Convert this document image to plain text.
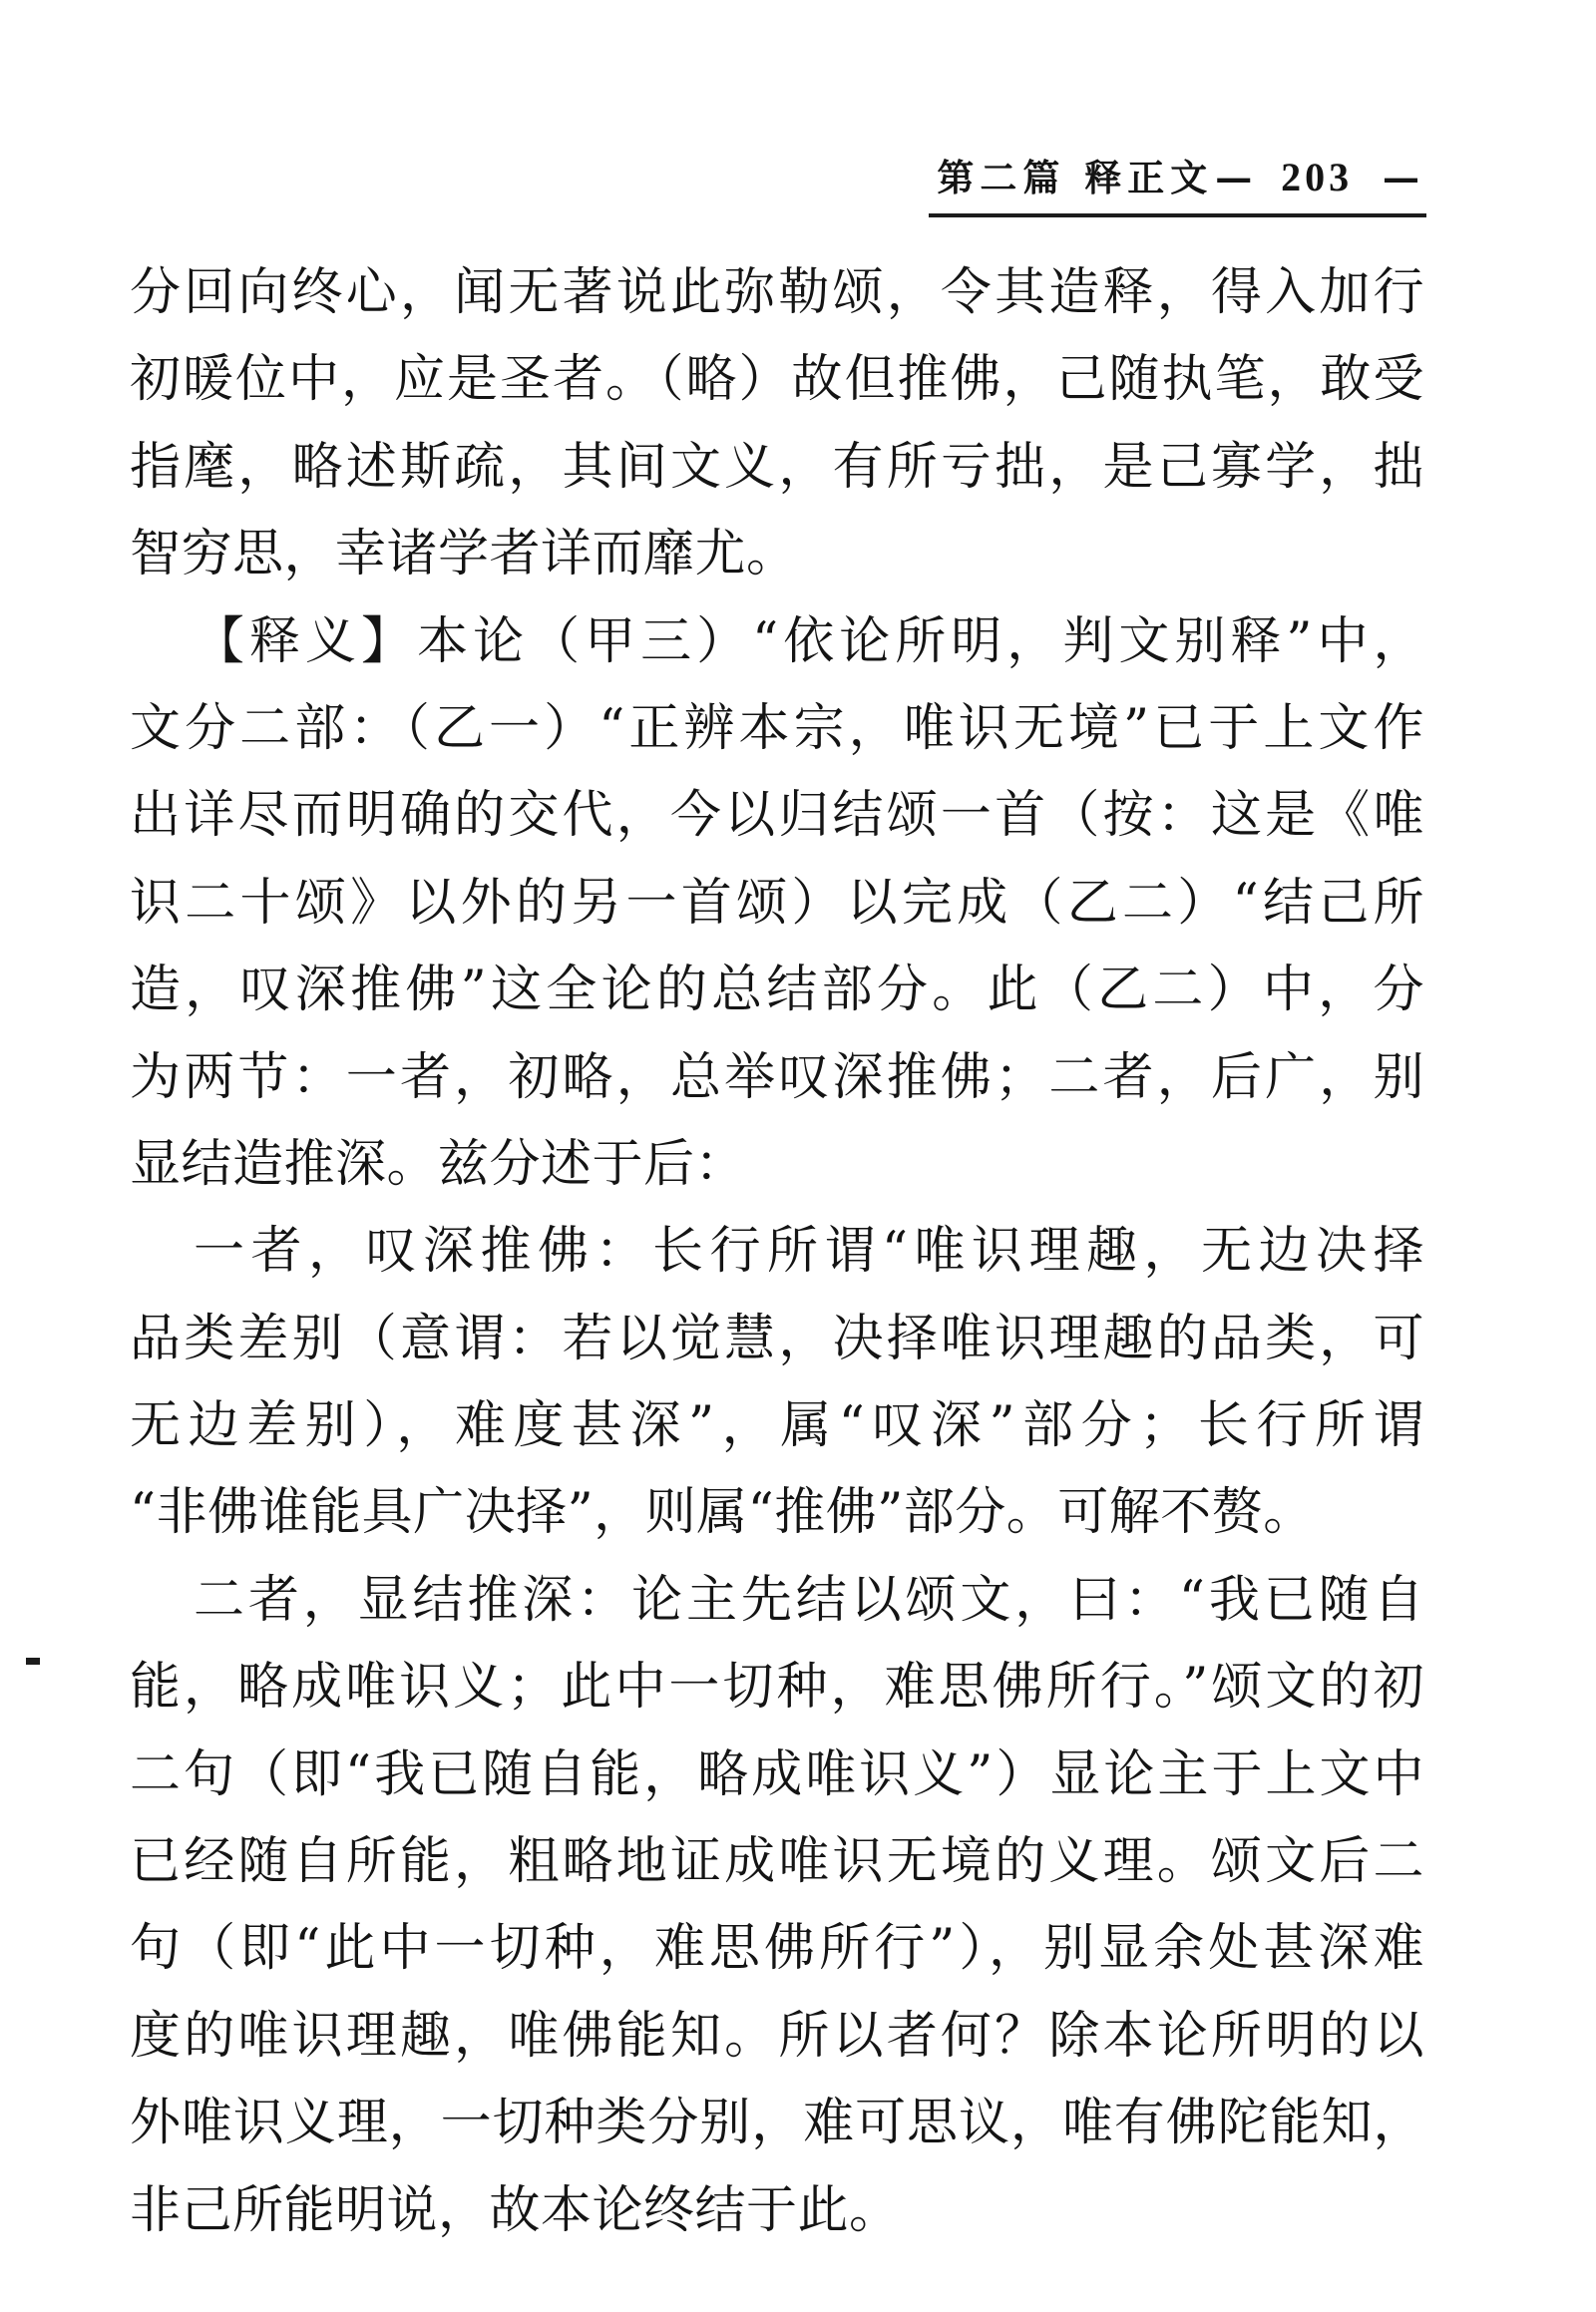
第二篇 释正文— 203 —
分回向终心，闻无著说此弥勒颂，令其造释，得入加行
初暖位中，应是圣者。（略）故但推佛，己随执笔，敢受
指麾，略述斯疏，其间文义，有所亏拙，是己寡学，拙
智穷思，幸诸学者详而靡尤。
【释义】本论（甲三）“依论所明，判文别释”中，
文分二部：（乙一）“正辨本宗，唯识无境”已于上文作
出详尽而明确的交代，今以归结颂一首（按：这是《唯
识二十颂》以外的另一首颂）以完成（乙二）“结己所
造，叹深推佛”这全论的总结部分。此（乙二）中，分
为两节：一者，初略，总举叹深推佛；二者，后广，别
显结造推深。兹分述于后：
一者，叹深推佛：长行所谓“唯识理趣，无边决择
品类差别（意谓：若以觉慧，决择唯识理趣的品类，可
无边差别），难度甚深”，属“叹深”部分；长行所谓
“非佛谁能具广决择”，则属“推佛”部分。可解不赘。
二者，显结推深：论主先结以颂文，曰：“我已随自
能，略成唯识义；此中一切种，难思佛所行。”颂文的初
二句（即“我已随自能，略成唯识义”）显论主于上文中
已经随自所能，粗略地证成唯识无境的义理。颂文后二
句（即“此中一切种，难思佛所行”），别显余处甚深难
度的唯识理趣，唯佛能知。所以者何？除本论所明的以
外唯识义理，一切种类分别，难可思议，唯有佛陀能知，
非己所能明说，故本论终结于此。
